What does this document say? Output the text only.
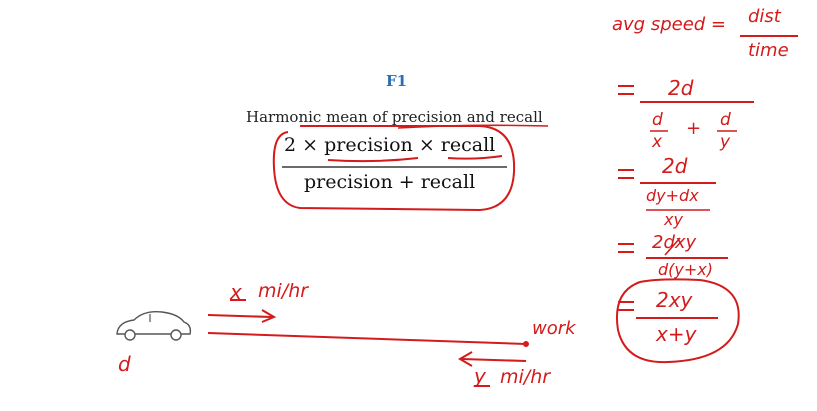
F1
Harmonic mean of precision and recall
2 × precision × recall
precision + recall
avg speed = dist
time
2d
d
x
+ d
y
2d
dy+dx
xy
2dxy
d(y+x)
2xy
x+y
x mi/hr
y mi/hr
work
d
